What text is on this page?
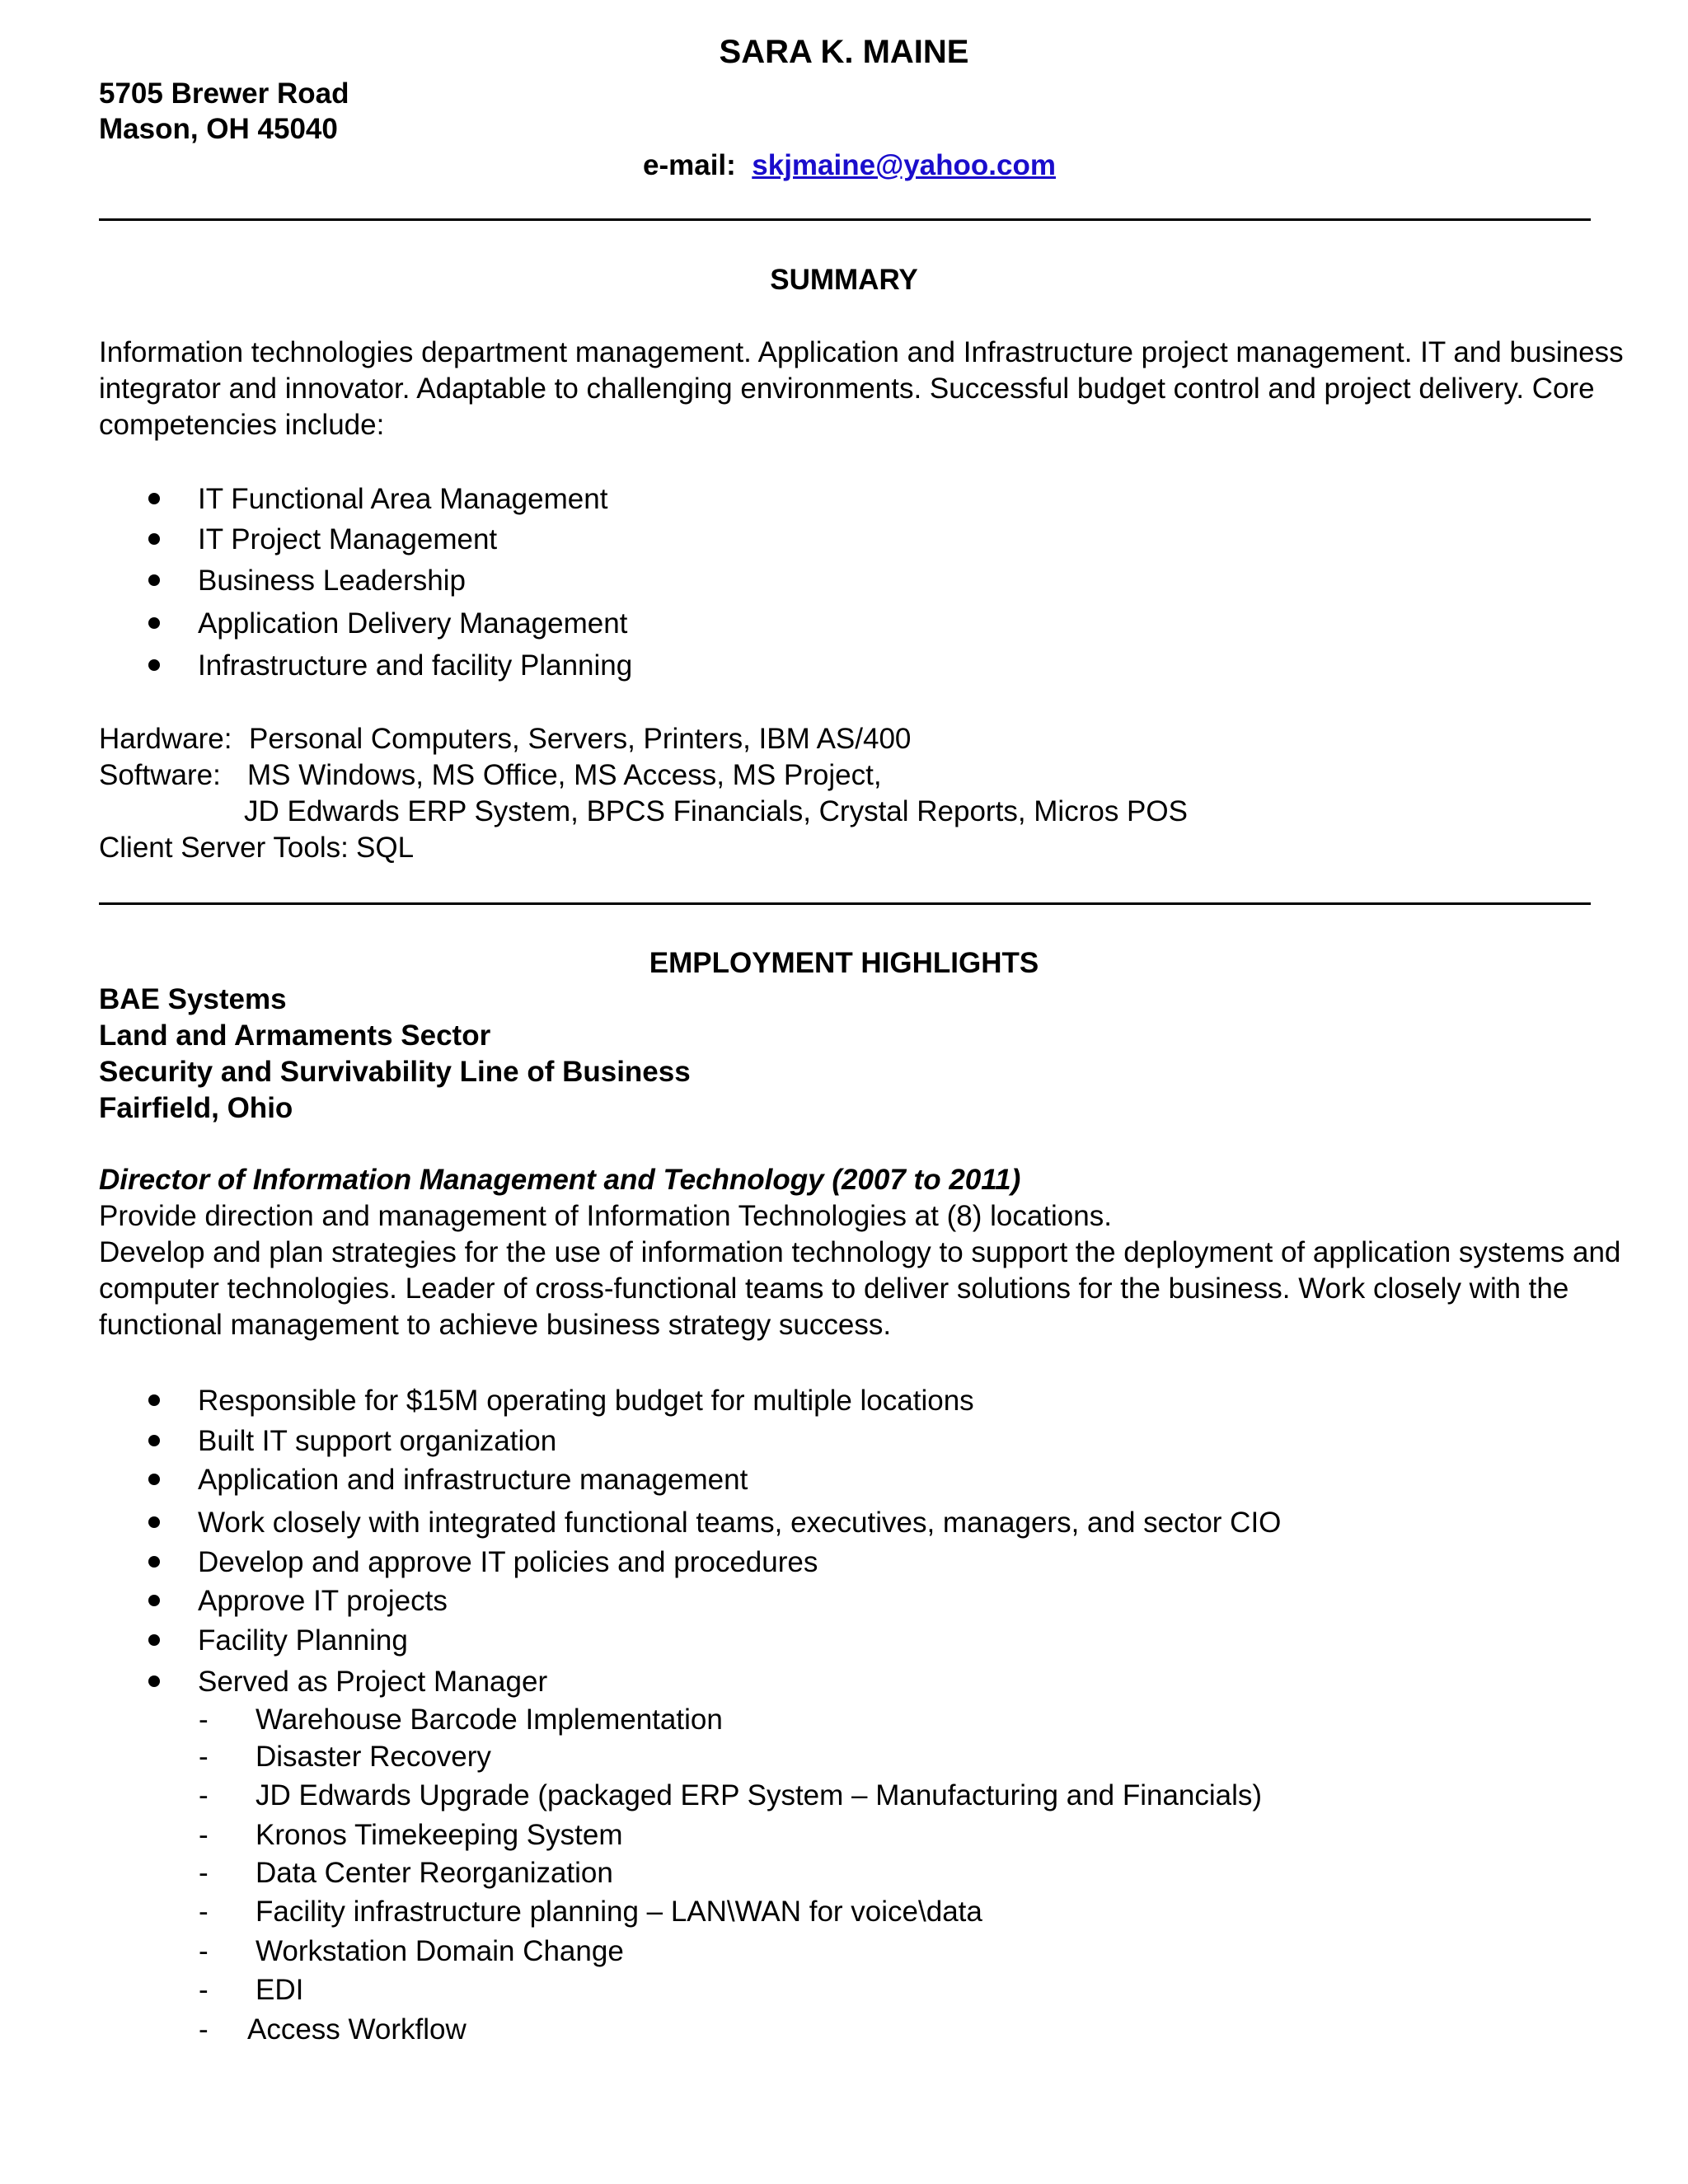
SARA K. MAINE
5705 Brewer Road
Mason, OH 45040
e-mail: skjmaine@yahoo.com
SUMMARY
Information technologies department management. Application and Infrastructure project management. IT and business
integrator and innovator. Adaptable to challenging environments. Successful budget control and project delivery. Core
competencies include:
IT Functional Area Management
IT Project Management
Business Leadership
Application Delivery Management
Infrastructure and facility Planning
Hardware: Personal Computers, Servers, Printers, IBM AS/400
Software: MS Windows, MS Office, MS Access, MS Project,
JD Edwards ERP System, BPCS Financials, Crystal Reports, Micros POS
Client Server Tools: SQL
EMPLOYMENT HIGHLIGHTS
BAE Systems
Land and Armaments Sector
Security and Survivability Line of Business
Fairfield, Ohio
Director of Information Management and Technology (2007 to 2011)
Provide direction and management of Information Technologies at (8) locations.
Develop and plan strategies for the use of information technology to support the deployment of application systems and
computer technologies. Leader of cross-functional teams to deliver solutions for the business. Work closely with the
functional management to achieve business strategy success.
Responsible for $15M operating budget for multiple locations
Built IT support organization
Application and infrastructure management
Work closely with integrated functional teams, executives, managers, and sector CIO
Develop and approve IT policies and procedures
Approve IT projects
Facility Planning
Served as Project Manager
- Warehouse Barcode Implementation
- Disaster Recovery
- JD Edwards Upgrade (packaged ERP System – Manufacturing and Financials)
- Kronos Timekeeping System
- Data Center Reorganization
- Facility infrastructure planning – LAN\WAN for voice\data
- Workstation Domain Change
- EDI
- Access Workflow
